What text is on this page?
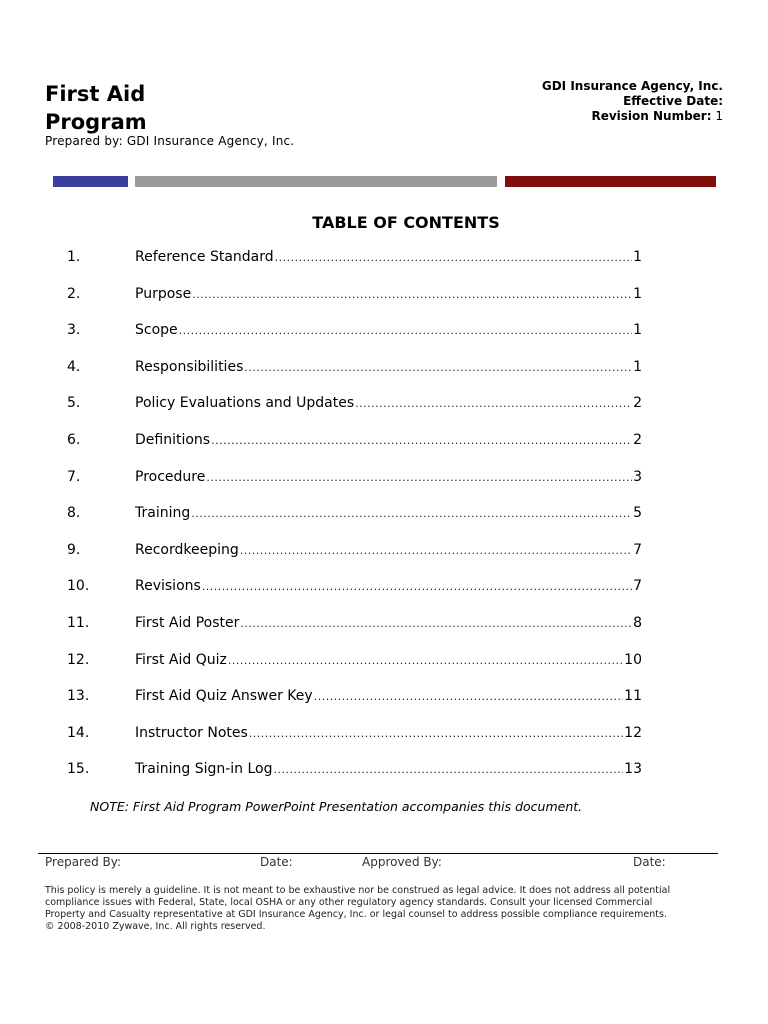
First Aid
Program
Prepared by: GDI Insurance Agency, Inc.
GDI Insurance Agency, Inc.
Effective Date:
Revision Number: 1
TABLE OF CONTENTS
1.	Reference Standard .....	1
2.	Purpose .....	1
3.	Scope .....	1
4.	Responsibilities .....	1
5.	Policy Evaluations and Updates .....	2
6.	Definitions .....	2
7.	Procedure .....	3
8.	Training .....	5
9.	Recordkeeping .....	7
10.	Revisions .....	7
11.	First Aid Poster .....	8
12.	First Aid Quiz .....	10
13.	First Aid Quiz Answer Key .....	11
14.	Instructor Notes .....	12
15.	Training Sign-in Log .....	13
NOTE: First Aid Program PowerPoint Presentation accompanies this document.
Prepared By:	Date:	Approved By:	Date:
This policy is merely a guideline. It is not meant to be exhaustive nor be construed as legal advice. It does not address all potential
compliance issues with Federal, State, local OSHA or any other regulatory agency standards. Consult your licensed Commercial
Property and Casualty representative at GDI Insurance Agency, Inc. or legal counsel to address possible compliance requirements.
© 2008-2010 Zywave, Inc. All rights reserved.
